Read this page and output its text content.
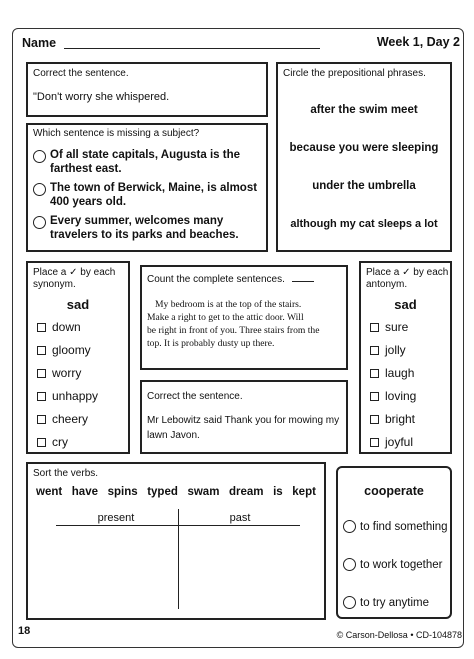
Name	Week 1, Day 2
Correct the sentence.
"Don't worry she whispered.
Which sentence is missing a subject?
Of all state capitals, Augusta is the
farthest east.
The town of Berwick, Maine, is almost
400 years old.
Every summer, welcomes many
travelers to its parks and beaches.
Circle the prepositional phrases.
after the swim meet
because you were sleeping
under the umbrella
although my cat sleeps a lot
Place a ✓ by each
synonym.
sad
down
gloomy
worry
unhappy
cheery
cry
Count the complete sentences.
My bedroom is at the top of the stairs.
Make a right to get to the attic door. Will
be right in front of you. Three stairs from the
top. It is probably dusty up there.
Correct the sentence.
Mr Lebowitz said Thank you for mowing my
lawn Javon.
Place a ✓ by each
antonym.
sad
sure
jolly
laugh
loving
bright
joyful
Sort the verbs.
went have spins typed swam dream is kept
present	past
cooperate
to find something
to work together
to try anytime
18	© Carson-Dellosa • CD-104878
